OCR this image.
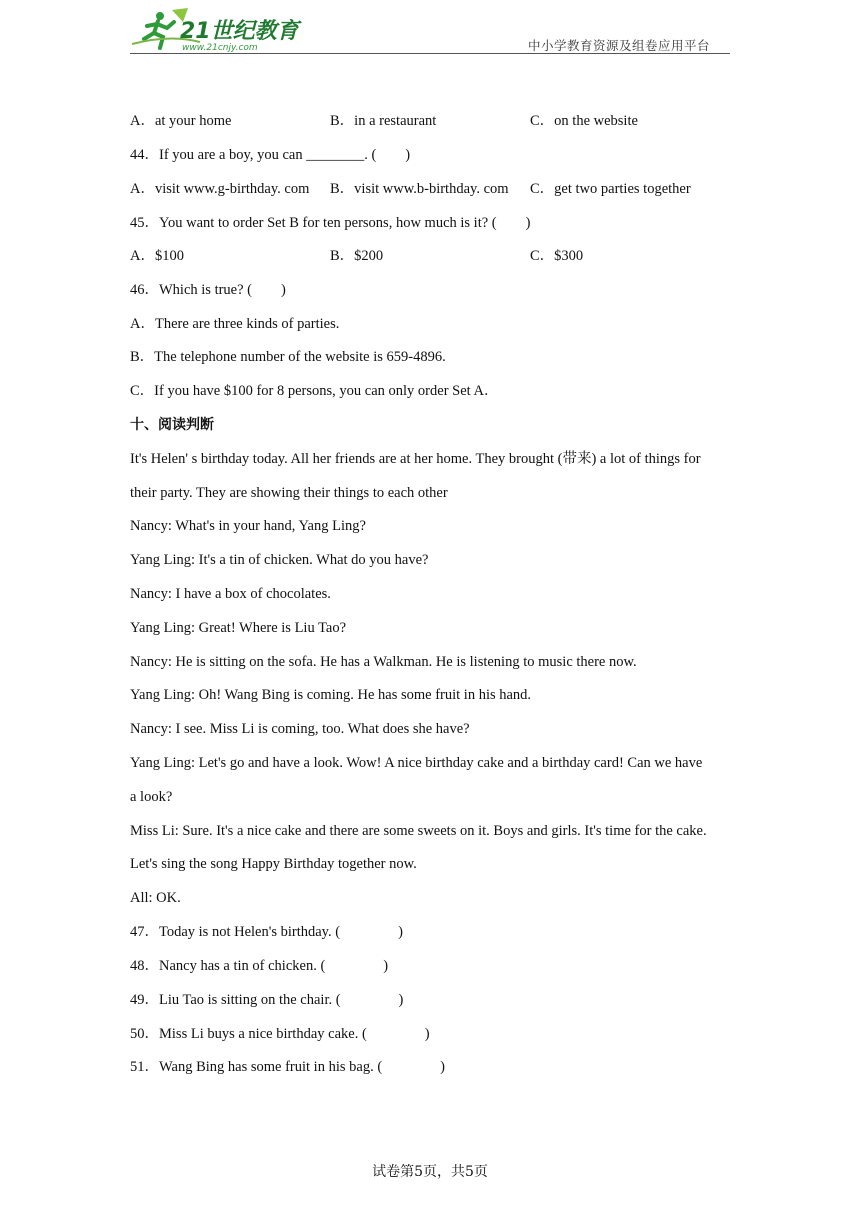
21世纪教育
www.21cnjy.com	中小学教育资源及组卷应用平台
A．at your home	B．in a restaurant	C．on the website
44．If you are a boy, you can ________. (　　)
A．visit www.g-birthday. com B．visit www.b-birthday. com C．get two parties together
45．You want to order Set B for ten persons, how much is it? (　　)
A．$100	B．$200	C．$300
46．Which is true? (　　)
A．There are three kinds of parties.
B．The telephone number of the website is 659-4896.
C．If you have $100 for 8 persons, you can only order Set A．
十、阅读判断
It's Helen' s birthday today. All her friends are at her home. They brought (带来) a lot of things for
their party. They are showing their things to each other
Nancy: What's in your hand, Yang Ling?
Yang Ling: It's a tin of chicken. What do you have?
Nancy: I have a box of chocolates.
Yang Ling: Great! Where is Liu Tao?
Nancy: He is sitting on the sofa. He has a Walkman. He is listening to music there now.
Yang Ling: Oh! Wang Bing is coming. He has some fruit in his hand.
Nancy: I see. Miss Li is coming, too. What does she have?
Yang Ling: Let's go and have a look. Wow! A nice birthday cake and a birthday card! Can we have
a look?
Miss Li: Sure. It's a nice cake and there are some sweets on it. Boys and girls. It's time for the cake.
Let's sing the song Happy Birthday together now.
All: OK.
47．Today is not Helen's birthday. (　　　　)
48．Nancy has a tin of chicken. (　　　　)
49．Liu Tao is sitting on the chair. (　　　　)
50．Miss Li buys a nice birthday cake. (　　　　)
51．Wang Bing has some fruit in his bag. (　　　　)
试卷第5页，共5页
